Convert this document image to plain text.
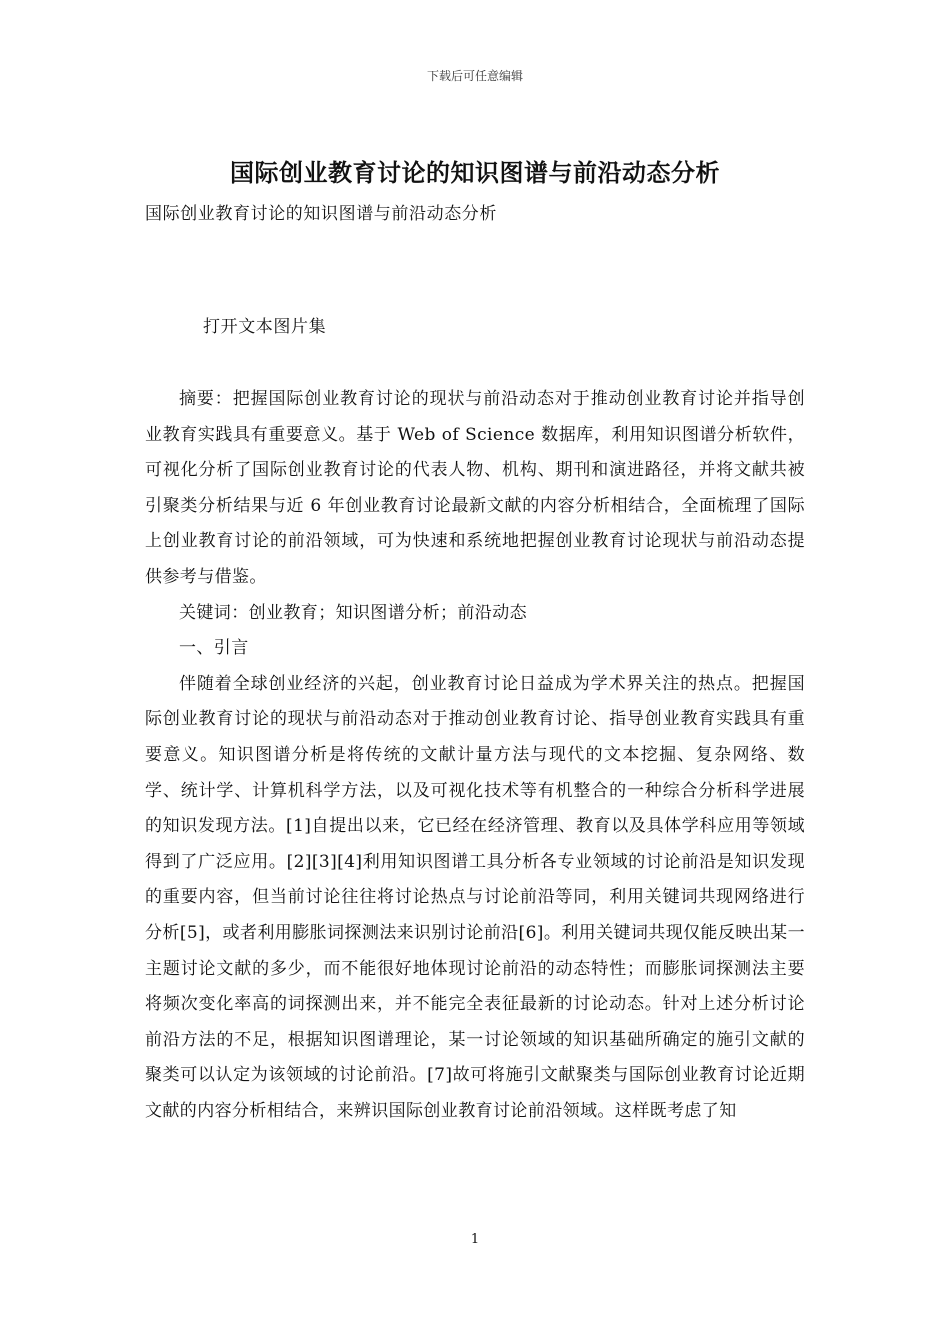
下载后可任意编辑
国际创业教育讨论的知识图谱与前沿动态分析
国际创业教育讨论的知识图谱与前沿动态分析
打开文本图片集

摘要：把握国际创业教育讨论的现状与前沿动态对于推动创业教育讨论并指导创业教育实践具有重要意义。基于 Web of Science 数据库，利用知识图谱分析软件，可视化分析了国际创业教育讨论的代表人物、机构、期刊和演进路径，并将文献共被引聚类分析结果与近 6 年创业教育讨论最新文献的内容分析相结合，全面梳理了国际上创业教育讨论的前沿领域，可为快速和系统地把握创业教育讨论现状与前沿动态提供参考与借鉴。

关键词：创业教育；知识图谱分析；前沿动态

一、引言

伴随着全球创业经济的兴起，创业教育讨论日益成为学术界关注的热点。把握国际创业教育讨论的现状与前沿动态对于推动创业教育讨论、指导创业教育实践具有重要意义。知识图谱分析是将传统的文献计量方法与现代的文本挖掘、复杂网络、数学、统计学、计算机科学方法，以及可视化技术等有机整合的一种综合分析科学进展的知识发现方法。[1]自提出以来，它已经在经济管理、教育以及具体学科应用等领域得到了广泛应用。[2][3][4]利用知识图谱工具分析各专业领域的讨论前沿是知识发现的重要内容，但当前讨论往往将讨论热点与讨论前沿等同，利用关键词共现网络进行分析[5]，或者利用膨胀词探测法来识别讨论前沿[6]。利用关键词共现仅能反映出某一主题讨论文献的多少，而不能很好地体现讨论前沿的动态特性；而膨胀词探测法主要将频次变化率高的词探测出来，并不能完全表征最新的讨论动态。针对上述分析讨论前沿方法的不足，根据知识图谱理论，某一讨论领域的知识基础所确定的施引文献的聚类可以认定为该领域的讨论前沿。[7]故可将施引文献聚类与国际创业教育讨论近期文献的内容分析相结合，来辨识国际创业教育讨论前沿领域。这样既考虑了知

1
